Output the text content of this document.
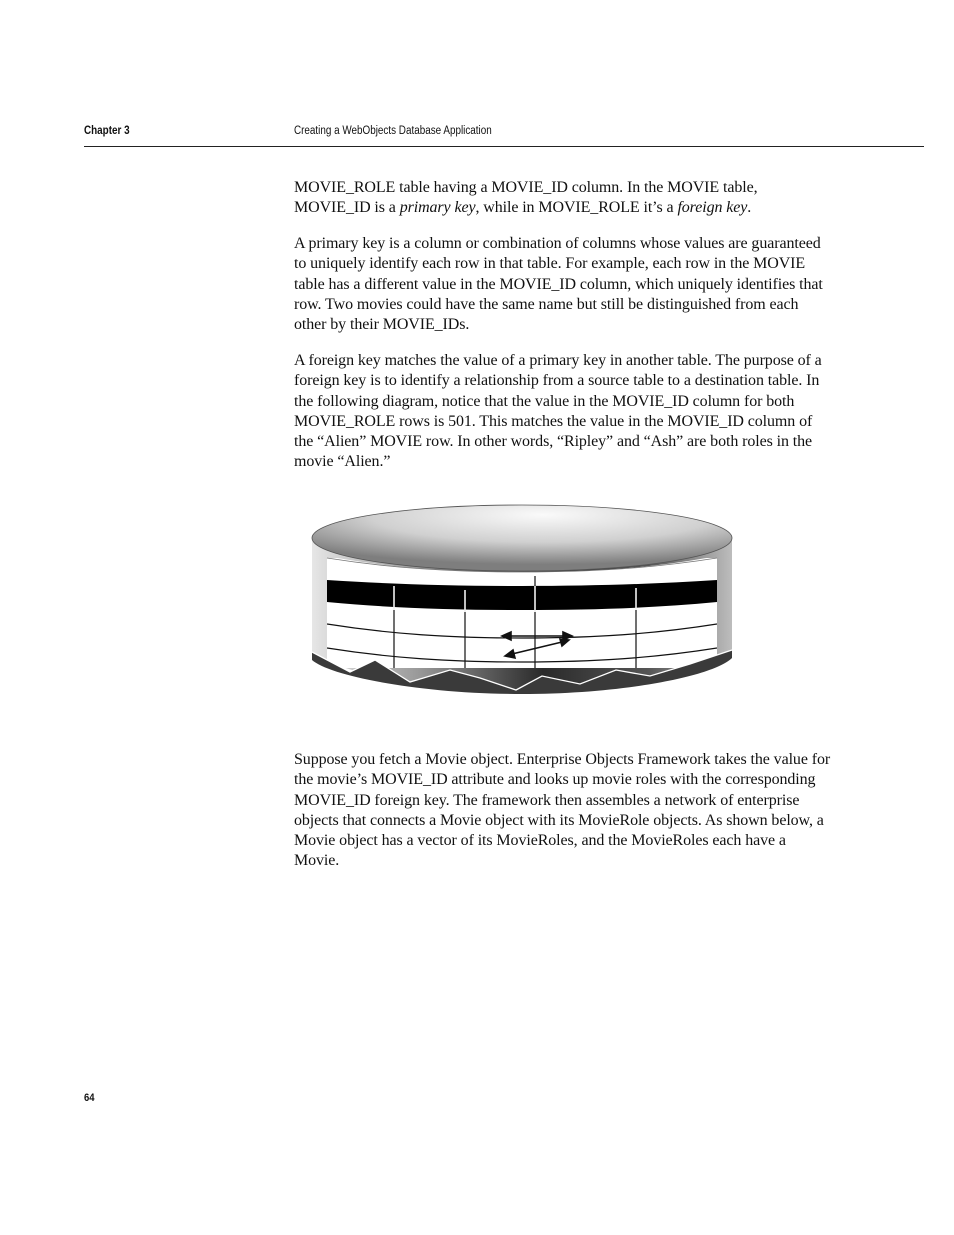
Chapter 3	Creating a WebObjects Database Application

MOVIE_ROLE table having a MOVIE_ID column. In the MOVIE table, MOVIE_ID is a primary key, while in MOVIE_ROLE it’s a foreign key.

A primary key is a column or combination of columns whose values are guaranteed to uniquely identify each row in that table. For example, each row in the MOVIE table has a different value in the MOVIE_ID column, which uniquely identifies that row. Two movies could have the same name but still be distinguished from each other by their MOVIE_IDs.

A foreign key matches the value of a primary key in another table. The purpose of a foreign key is to identify a relationship from a source table to a destination table. In the following diagram, notice that the value in the MOVIE_ID column for both MOVIE_ROLE rows is 501. This matches the value in the MOVIE_ID column of the “Alien” MOVIE row. In other words, “Ripley” and “Ash” are both roles in the movie “Alien.”

Suppose you fetch a Movie object. Enterprise Objects Framework takes the value for the movie’s MOVIE_ID attribute and looks up movie roles with the corresponding MOVIE_ID foreign key. The framework then assembles a network of enterprise objects that connects a Movie object with its MovieRole objects. As shown below, a Movie object has a vector of its MovieRoles, and the MovieRoles each have a Movie.

64
